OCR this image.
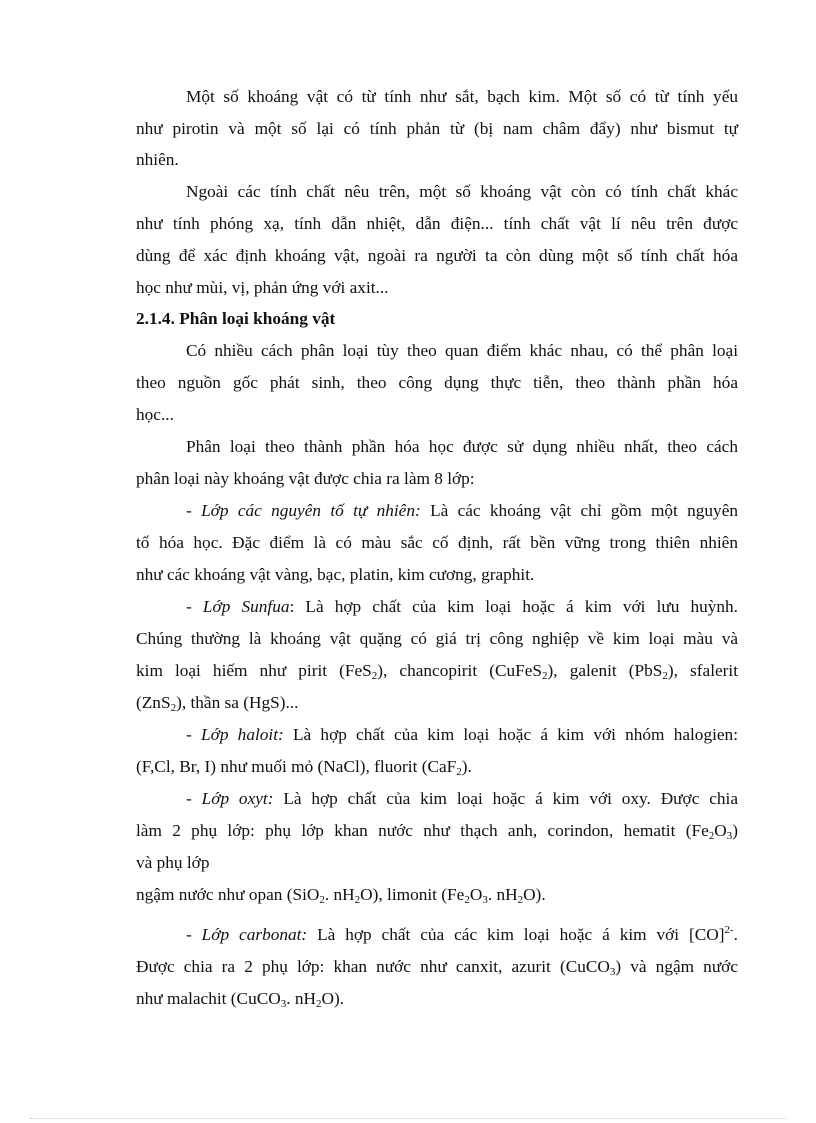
Một số khoáng vật có từ tính như sắt, bạch kim. Một số có từ tính yếu
như pirotin và một số lại có tính phản từ (bị nam châm đẩy) như bismut tự
nhiên.
Ngoài các tính chất nêu trên, một số khoáng vật còn có tính chất khác
như tính phóng xạ, tính dẫn nhiệt, dẫn điện... tính chất vật lí nêu trên được
dùng để xác định khoáng vật, ngoài ra người ta còn dùng một số tính chất hóa
học như mùi, vị, phản ứng với axit...
2.1.4. Phân loại khoáng vật
Có nhiều cách phân loại tùy theo quan điểm khác nhau, có thể phân loại
theo nguồn gốc phát sinh, theo công dụng thực tiễn, theo thành phần hóa
học...
Phân loại theo thành phần hóa học được sử dụng nhiều nhất, theo cách
phân loại này khoáng vật được chia ra làm 8 lớp:
- Lớp các nguyên tố tự nhiên: Là các khoáng vật chỉ gồm một nguyên
tố hóa học. Đặc điểm là có màu sắc cố định, rất bền vững trong thiên nhiên
như các khoáng vật vàng, bạc, platin, kim cương, graphit.
- Lớp Sunfua: Là hợp chất của kim loại hoặc á kim với lưu huỳnh.
Chúng thường là khoáng vật quặng có giá trị công nghiệp về kim loại màu và
kim loại hiếm như pirit (FeS$_2$), chancopirit (CuFeS$_2$), galenit (PbS$_2$), sfalerit
(ZnS$_2$), thần sa (HgS)...
- Lớp haloit: Là hợp chất của kim loại hoặc á kim với nhóm halogien:
(F,Cl, Br, I) như muối mỏ (NaCl), fluorit (CaF$_2$).
- Lớp oxyt: Là hợp chất của kim loại hoặc á kim với oxy. Được chia
làm 2 phụ lớp: phụ lớp khan nước như thạch anh, corindon, hematit $(Fe_2O_3)$
và phụ lớp
ngậm nước như opan (SiO$_2$. $nH_2O$), limonit ($Fe_2O_3$. $nH_2O$).
- Lớp carbonat: Là hợp chất của các kim loại hoặc á kim với [CO]$^{2-}$.
Được chia ra 2 phụ lớp: khan nước như canxit, azurit (CuCO$_3$) và ngậm nước
như malachit (CuCO$_3$. $nH_2O$).
